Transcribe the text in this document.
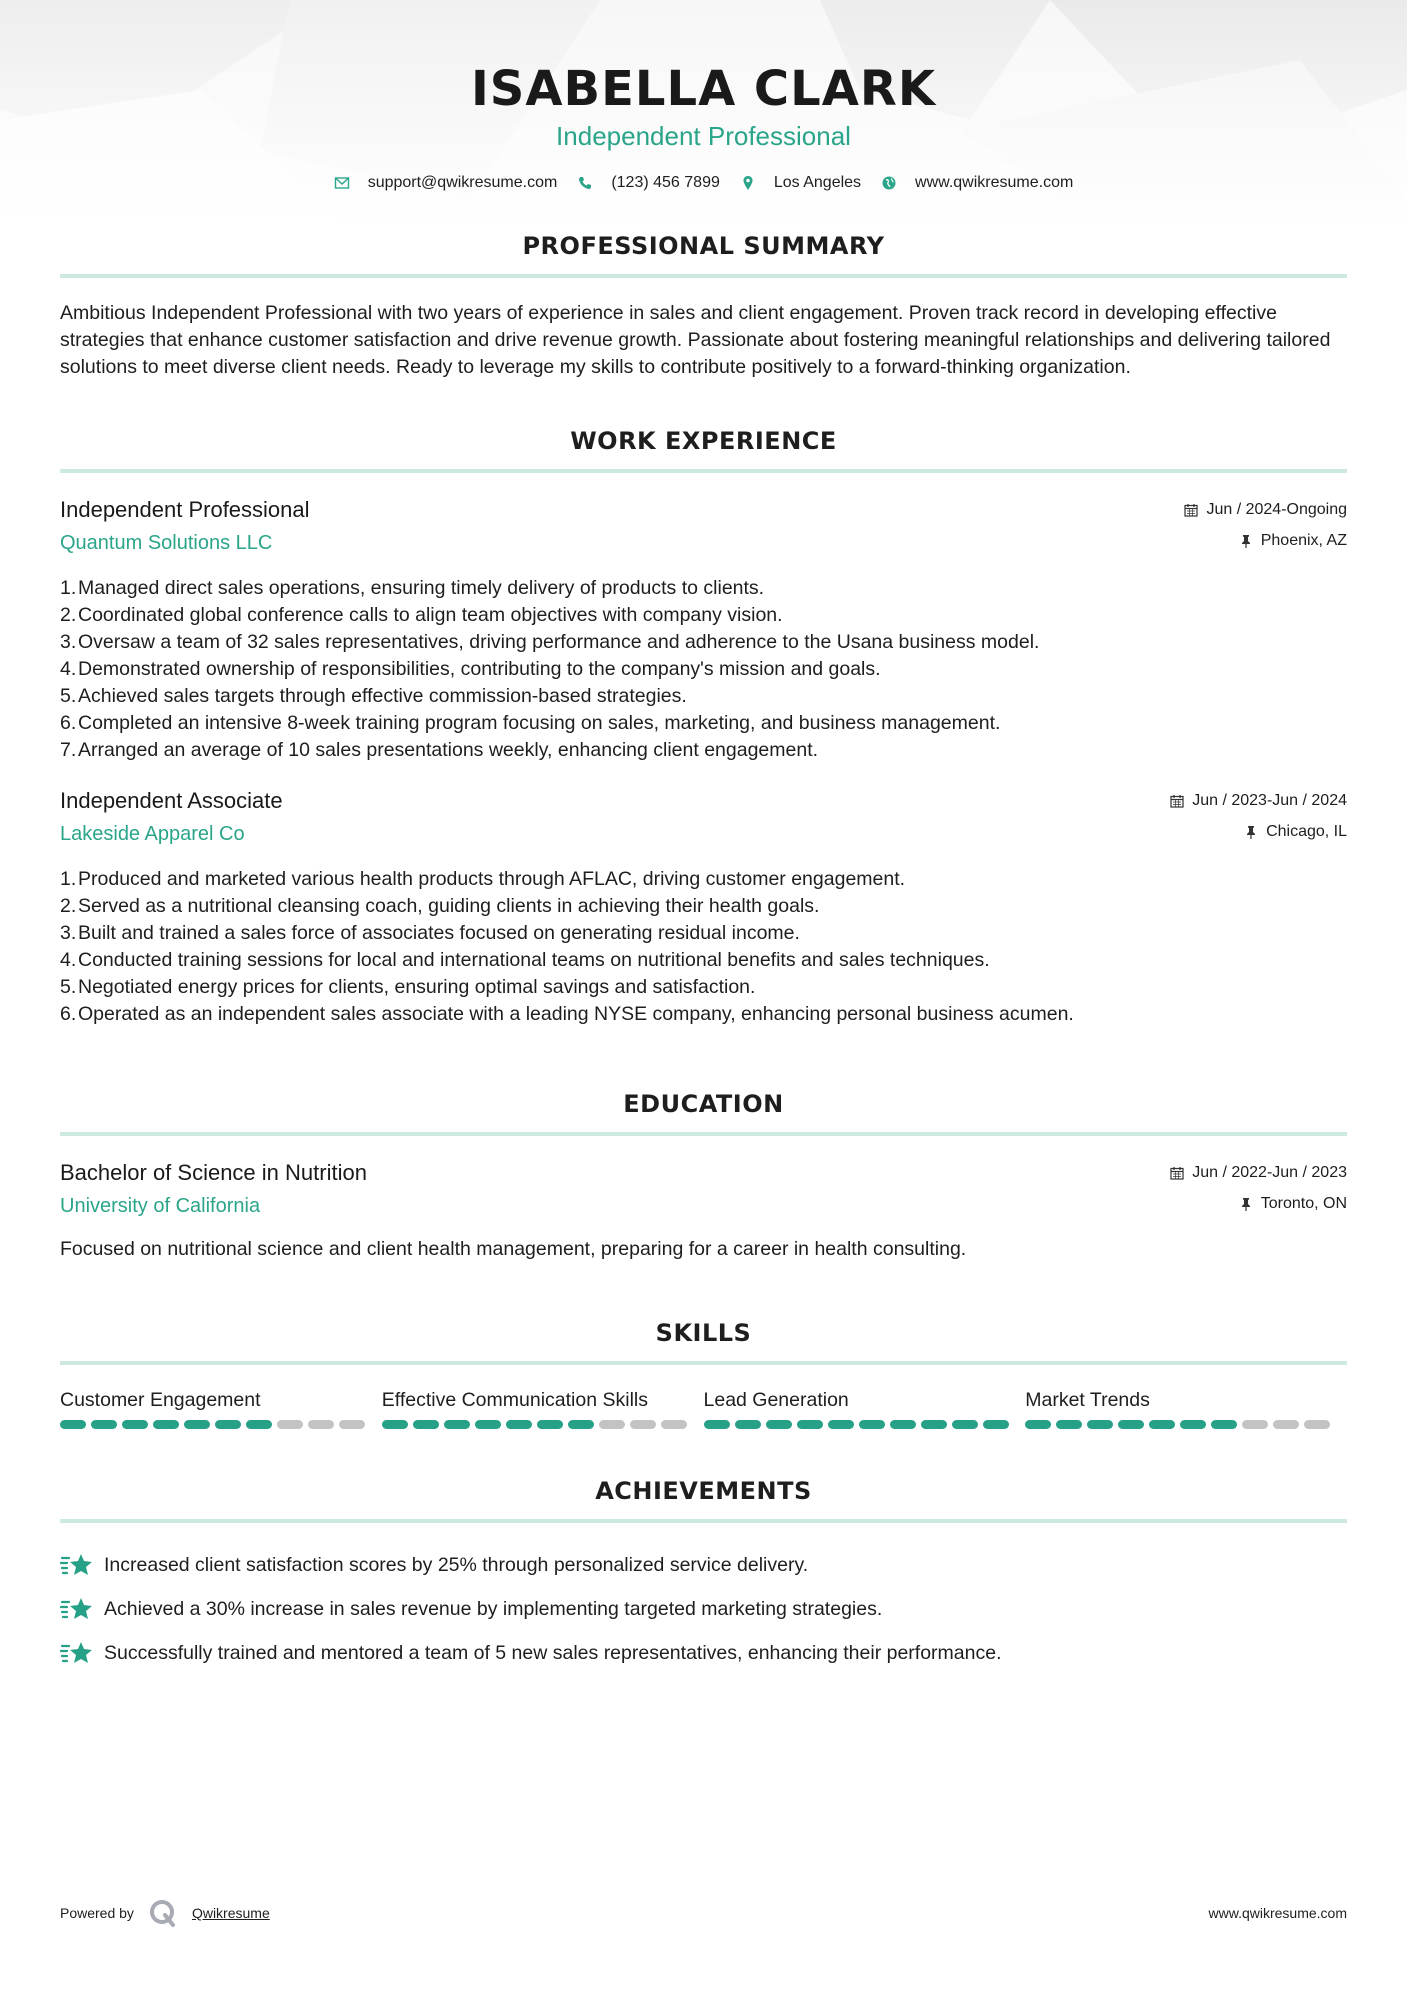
ISABELLA CLARK
Independent Professional
support@qwikresume.com	(123) 456 7899	Los Angeles	www.qwikresume.com
PROFESSIONAL SUMMARY
Ambitious Independent Professional with two years of experience in sales and client engagement. Proven track record in developing effective strategies that enhance customer satisfaction and drive revenue growth. Passionate about fostering meaningful relationships and delivering tailored solutions to meet diverse client needs. Ready to leverage my skills to contribute positively to a forward-thinking organization.
WORK EXPERIENCE
Independent Professional
Quantum Solutions LLC
Jun / 2024-Ongoing
Phoenix, AZ
1. Managed direct sales operations, ensuring timely delivery of products to clients.
2. Coordinated global conference calls to align team objectives with company vision.
3. Oversaw a team of 32 sales representatives, driving performance and adherence to the Usana business model.
4. Demonstrated ownership of responsibilities, contributing to the company's mission and goals.
5. Achieved sales targets through effective commission-based strategies.
6. Completed an intensive 8-week training program focusing on sales, marketing, and business management.
7. Arranged an average of 10 sales presentations weekly, enhancing client engagement.
Independent Associate
Lakeside Apparel Co
Jun / 2023-Jun / 2024
Chicago, IL
1. Produced and marketed various health products through AFLAC, driving customer engagement.
2. Served as a nutritional cleansing coach, guiding clients in achieving their health goals.
3. Built and trained a sales force of associates focused on generating residual income.
4. Conducted training sessions for local and international teams on nutritional benefits and sales techniques.
5. Negotiated energy prices for clients, ensuring optimal savings and satisfaction.
6. Operated as an independent sales associate with a leading NYSE company, enhancing personal business acumen.
EDUCATION
Bachelor of Science in Nutrition
University of California
Jun / 2022-Jun / 2023
Toronto, ON
Focused on nutritional science and client health management, preparing for a career in health consulting.
SKILLS
Customer Engagement	Effective Communication Skills	Lead Generation	Market Trends
ACHIEVEMENTS
Increased client satisfaction scores by 25% through personalized service delivery.
Achieved a 30% increase in sales revenue by implementing targeted marketing strategies.
Successfully trained and mentored a team of 5 new sales representatives, enhancing their performance.
Powered by	Qwikresume	www.qwikresume.com
